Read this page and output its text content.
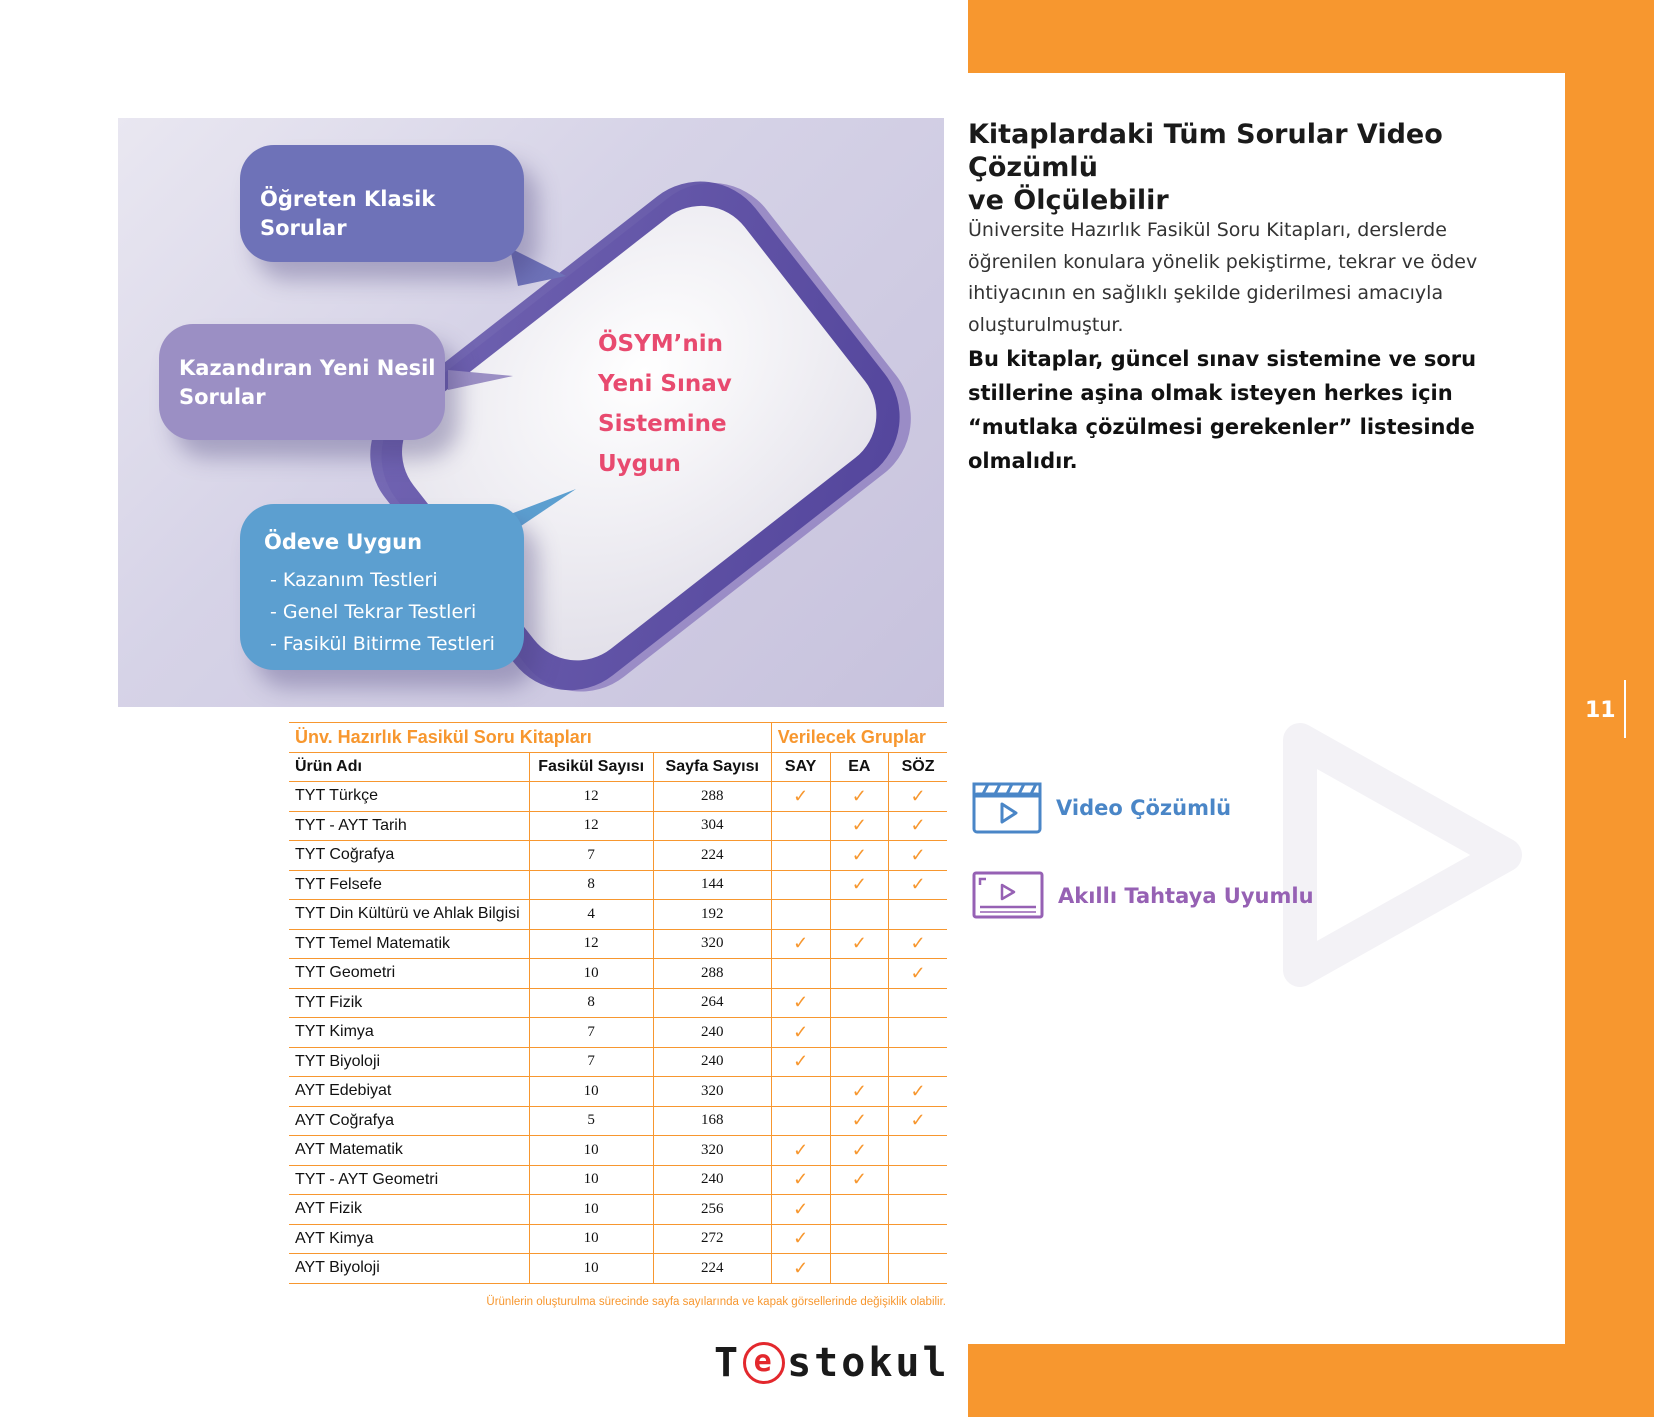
11
ÖSYM’nin
Yeni Sınav
Sistemine
Uygun
Öğreten Klasik Sorular
Kazandıran Yeni Nesil
Sorular
Ödeve Uygun
- Kazanım Testleri
- Genel Tekrar Testleri
- Fasikül Bitirme Testleri
Kitaplardaki Tüm Sorular Video Çözümlü
ve Ölçülebilir
Üniversite Hazırlık Fasikül Soru Kitapları, derslerde öğrenilen konulara yönelik pekiştirme, tekrar ve ödev ihtiyacının en sağlıklı şekilde giderilmesi amacıyla oluşturulmuştur.
Bu kitaplar, güncel sınav sistemine ve soru stillerine aşina olmak isteyen herkes için “mutlaka çözülmesi gerekenler” listesinde olmalıdır.
Video Çözümlü
Akıllı Tahtaya Uyumlu
Ünv. Hazırlık Fasikül Soru Kitapları			Verilecek Gruplar		
Ürün Adı	Fasikül Sayısı	Sayfa Sayısı	SAY	EA	SÖZ
TYT Türkçe	12	288	✓	✓	✓
TYT - AYT Tarih	12	304		✓	✓
TYT Coğrafya	7	224		✓	✓
TYT Felsefe	8	144		✓	✓
TYT Din Kültürü ve Ahlak Bilgisi	4	192			
TYT Temel Matematik	12	320	✓	✓	✓
TYT Geometri	10	288			✓
TYT Fizik	8	264	✓		
TYT Kimya	7	240	✓		
TYT Biyoloji	7	240	✓		
AYT Edebiyat	10	320		✓	✓
AYT Coğrafya	5	168		✓	✓
AYT Matematik	10	320	✓	✓	
TYT - AYT Geometri	10	240	✓	✓	
AYT Fizik	10	256	✓		
AYT Kimya	10	272	✓		
AYT Biyoloji	10	224	✓		
Ürünlerin oluşturulma sürecinde sayfa sayılarında ve kapak görsellerinde değişiklik olabilir.
T e stokul
